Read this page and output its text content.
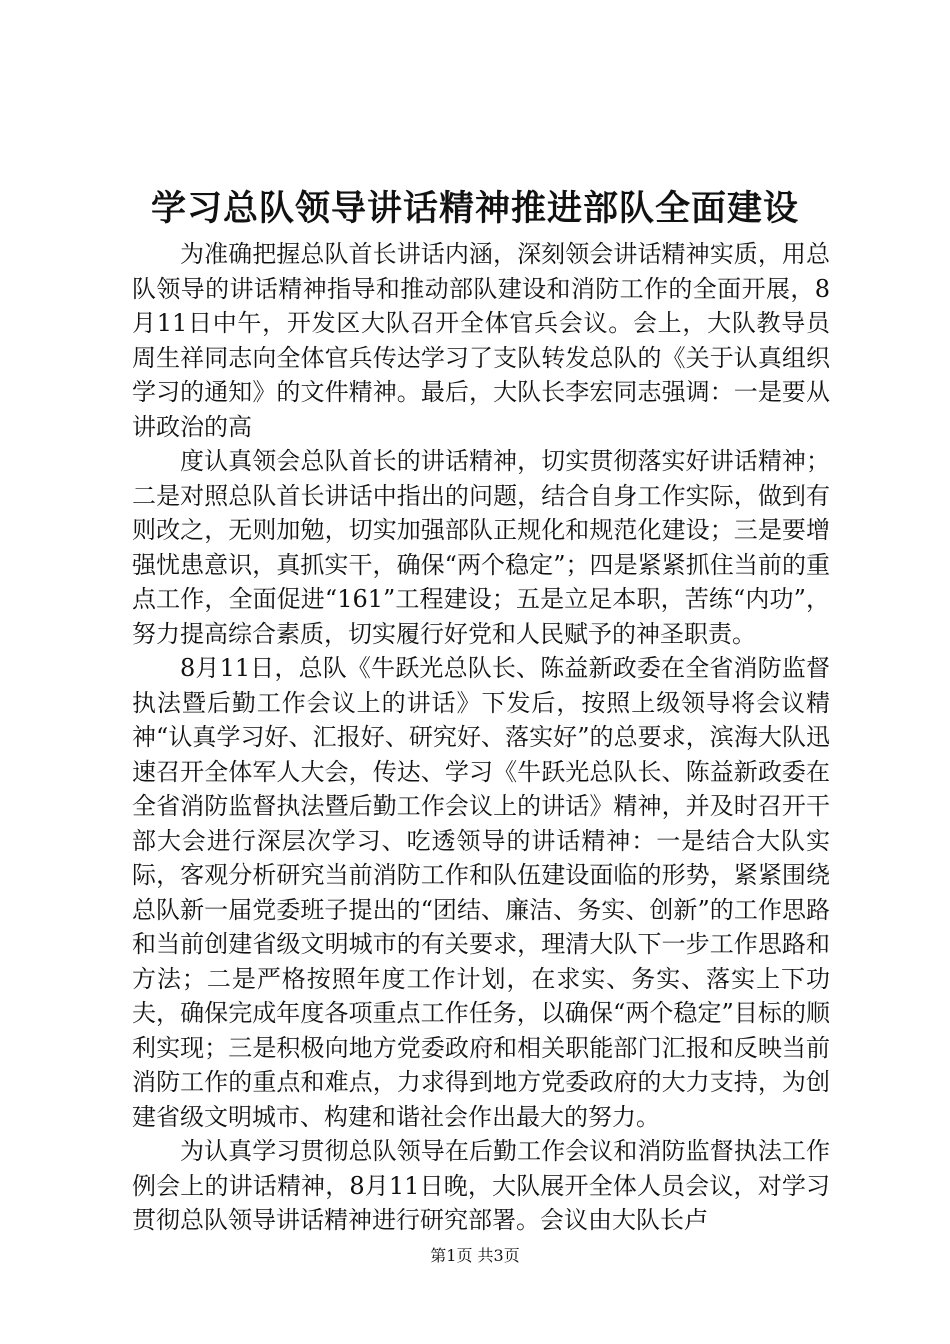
学习总队领导讲话精神推进部队全面建设

为准确把握总队首长讲话内涵，深刻领会讲话精神实质，用总队领导的讲话精神指导和推动部队建设和消防工作的全面开展，8月11日中午，开发区大队召开全体官兵会议。会上，大队教导员周生祥同志向全体官兵传达学习了支队转发总队的《关于认真组织学习的通知》的文件精神。最后，大队长李宏同志强调：一是要从讲政治的高

度认真领会总队首长的讲话精神，切实贯彻落实好讲话精神；二是对照总队首长讲话中指出的问题，结合自身工作实际，做到有则改之，无则加勉，切实加强部队正规化和规范化建设；三是要增强忧患意识，真抓实干，确保“两个稳定”；四是紧紧抓住当前的重点工作，全面促进“161”工程建设；五是立足本职，苦练“内功”，努力提高综合素质，切实履行好党和人民赋予的神圣职责。

8月11日，总队《牛跃光总队长、陈益新政委在全省消防监督执法暨后勤工作会议上的讲话》下发后，按照上级领导将会议精神“认真学习好、汇报好、研究好、落实好”的总要求，滨海大队迅速召开全体军人大会，传达、学习《牛跃光总队长、陈益新政委在全省消防监督执法暨后勤工作会议上的讲话》精神，并及时召开干部大会进行深层次学习、吃透领导的讲话精神：一是结合大队实际，客观分析研究当前消防工作和队伍建设面临的形势，紧紧围绕总队新一届党委班子提出的“团结、廉洁、务实、创新”的工作思路和当前创建省级文明城市的有关要求，理清大队下一步工作思路和方法；二是严格按照年度工作计划，在求实、务实、落实上下功夫，确保完成年度各项重点工作任务，以确保“两个稳定”目标的顺利实现；三是积极向地方党委政府和相关职能部门汇报和反映当前消防工作的重点和难点，力求得到地方党委政府的大力支持，为创建省级文明城市、构建和谐社会作出最大的努力。

为认真学习贯彻总队领导在后勤工作会议和消防监督执法工作例会上的讲话精神，8月11日晚，大队展开全体人员会议，对学习贯彻总队领导讲话精神进行研究部署。会议由大队长卢

第1页 共3页
